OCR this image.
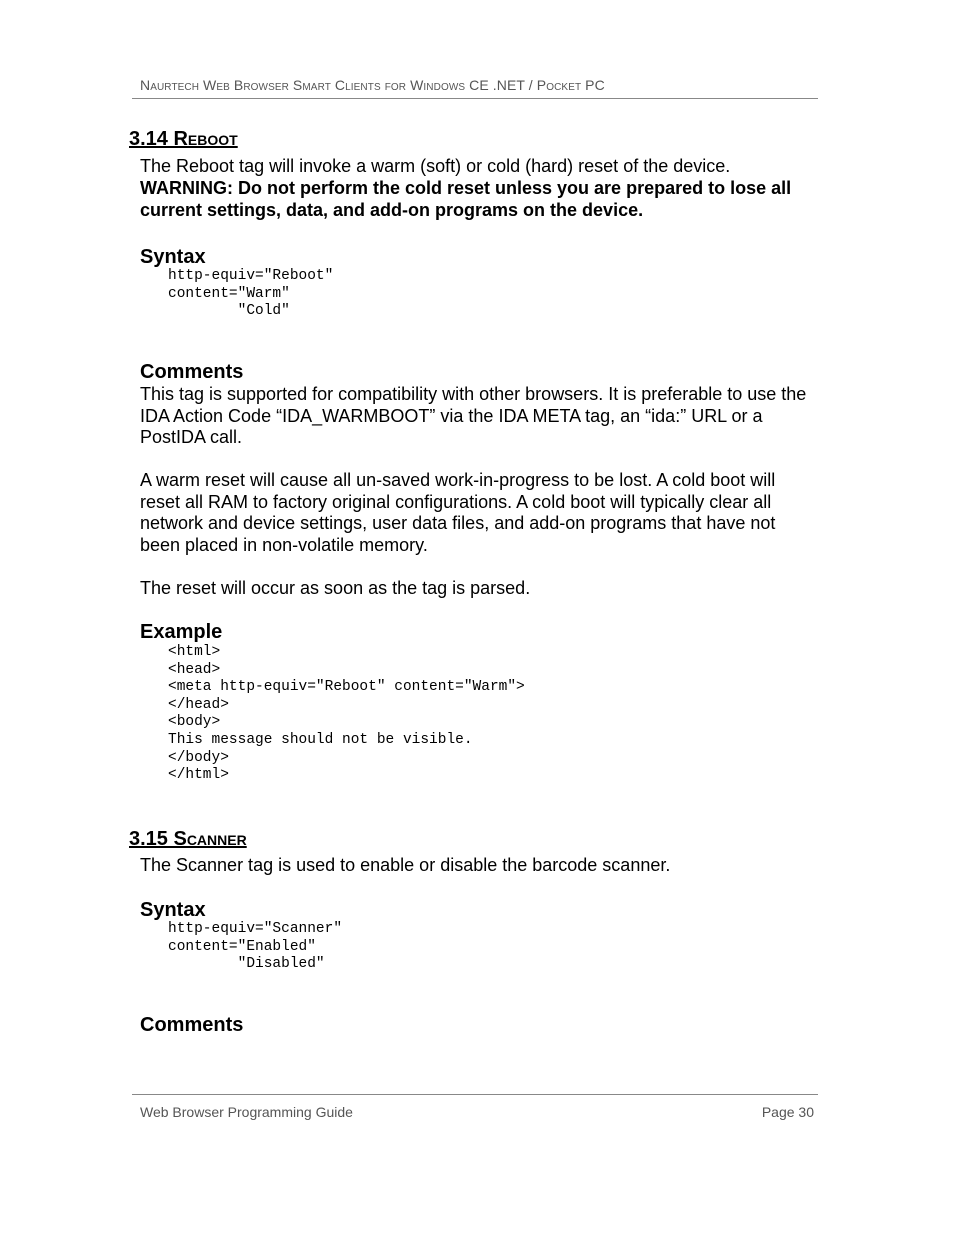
Naurtech Web Browser Smart Clients for Windows CE .NET / Pocket PC
3.14 Reboot
The Reboot tag will invoke a warm (soft) or cold (hard) reset of the device.
WARNING: Do not perform the cold reset unless you are prepared to lose all current settings, data, and add-on programs on the device.
Syntax
http-equiv="Reboot"
content="Warm"
"Cold"
Comments
This tag is supported for compatibility with other browsers. It is preferable to use the IDA Action Code “IDA_WARMBOOT” via the IDA META tag, an “ida:” URL or a PostIDA call.
A warm reset will cause all un-saved work-in-progress to be lost. A cold boot will reset all RAM to factory original configurations. A cold boot will typically clear all network and device settings, user data files, and add-on programs that have not been placed in non-volatile memory.
The reset will occur as soon as the tag is parsed.
Example
<html>
<head>
<meta http-equiv="Reboot" content="Warm">
</head>
<body>
This message should not be visible.
</body>
</html>
3.15 Scanner
The Scanner tag is used to enable or disable the barcode scanner.
Syntax
http-equiv="Scanner"
content="Enabled"
"Disabled"
Comments
Web Browser Programming Guide	Page 30
